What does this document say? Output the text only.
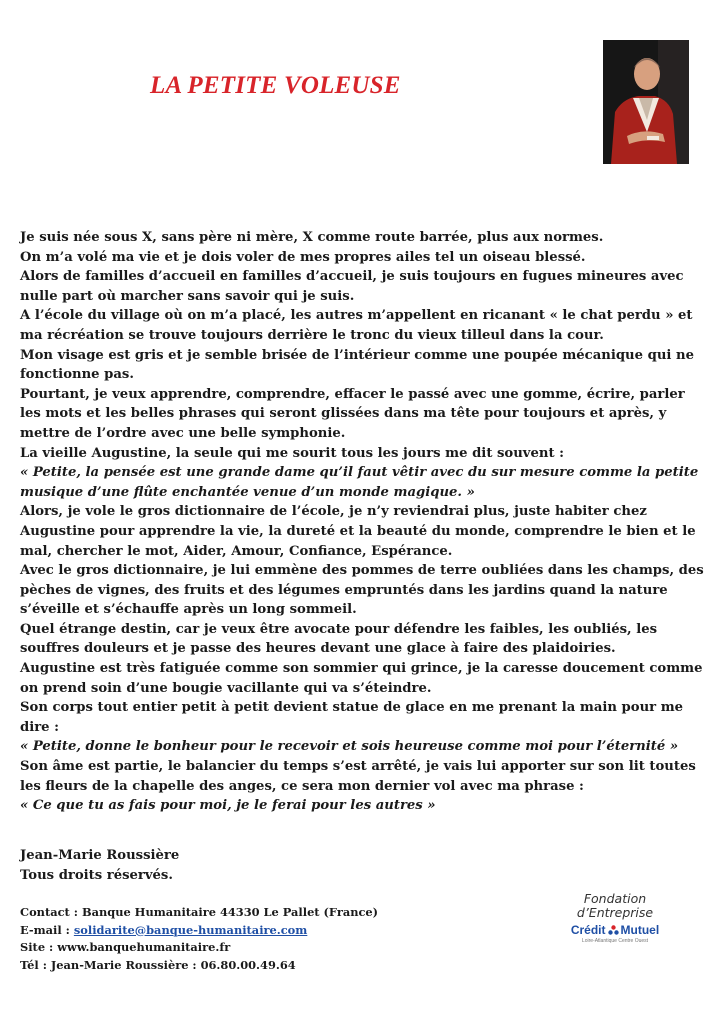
LA PETITE VOLEUSE

Je suis née sous X, sans père ni mère, X comme route barrée, plus aux normes.

On m’a volé ma vie et je dois voler de mes propres ailes tel un oiseau blessé.

Alors de familles d’accueil en familles d’accueil, je suis toujours en fugues mineures avec nulle part où marcher sans savoir qui je suis.

A l’école du village où on m’a placé, les autres m’appellent en ricanant « le chat perdu » et ma récréation se trouve toujours derrière le tronc du vieux tilleul dans la cour.

Mon visage est gris et je semble brisée de l’intérieur comme une poupée mécanique qui ne fonctionne pas.

Pourtant, je veux apprendre, comprendre, effacer le passé avec une gomme, écrire, parler les mots et les belles phrases qui seront glissées dans ma tête pour toujours et après, y mettre de l’ordre avec une belle symphonie.

La vieille Augustine, la seule qui me sourit tous les jours me dit souvent :

« Petite, la pensée est une grande dame qu’il faut vêtir avec du sur mesure comme la petite musique d’une flûte enchantée venue d’un monde magique. »

Alors, je vole le gros dictionnaire de l’école, je n’y reviendrai plus, juste habiter chez Augustine pour apprendre la vie, la dureté et la beauté du monde, comprendre le bien et le mal, chercher le mot, Aider, Amour, Confiance, Espérance.

Avec le gros dictionnaire, je lui emmène des pommes de terre oubliées dans les champs, des pèches de vignes, des fruits et des légumes empruntés dans les jardins quand la nature s’éveille et s’échauffe après un long sommeil.

Quel étrange destin, car je veux être avocate pour défendre les faibles, les oubliés, les souffres douleurs et je passe des heures devant une glace à faire des plaidoiries.

Augustine est très fatiguée comme son sommier qui grince, je la caresse doucement comme on prend soin d’une bougie vacillante qui va s’éteindre.

Son corps tout entier petit à petit devient statue de glace en me prenant la main pour me dire :

« Petite, donne le bonheur pour le recevoir et sois heureuse comme moi pour l’éternité »

Son âme est partie, le balancier du temps s’est arrêté, je vais lui apporter sur son lit toutes les fleurs de la chapelle des anges, ce sera mon dernier vol avec ma phrase :

« Ce que tu as fais pour moi, je le ferai pour les autres »

Jean-Marie Roussière

Tous droits réservés.

Contact : Banque Humanitaire 44330 Le Pallet (France)

E-mail : solidarite@banque-humanitaire.com

Site : www.banquehumanitaire.fr

Tél : Jean-Marie Roussière : 06.80.00.49.64

Fondation
d’Entreprise
Crédit Mutuel
Loire-Atlantique Centre Ouest
